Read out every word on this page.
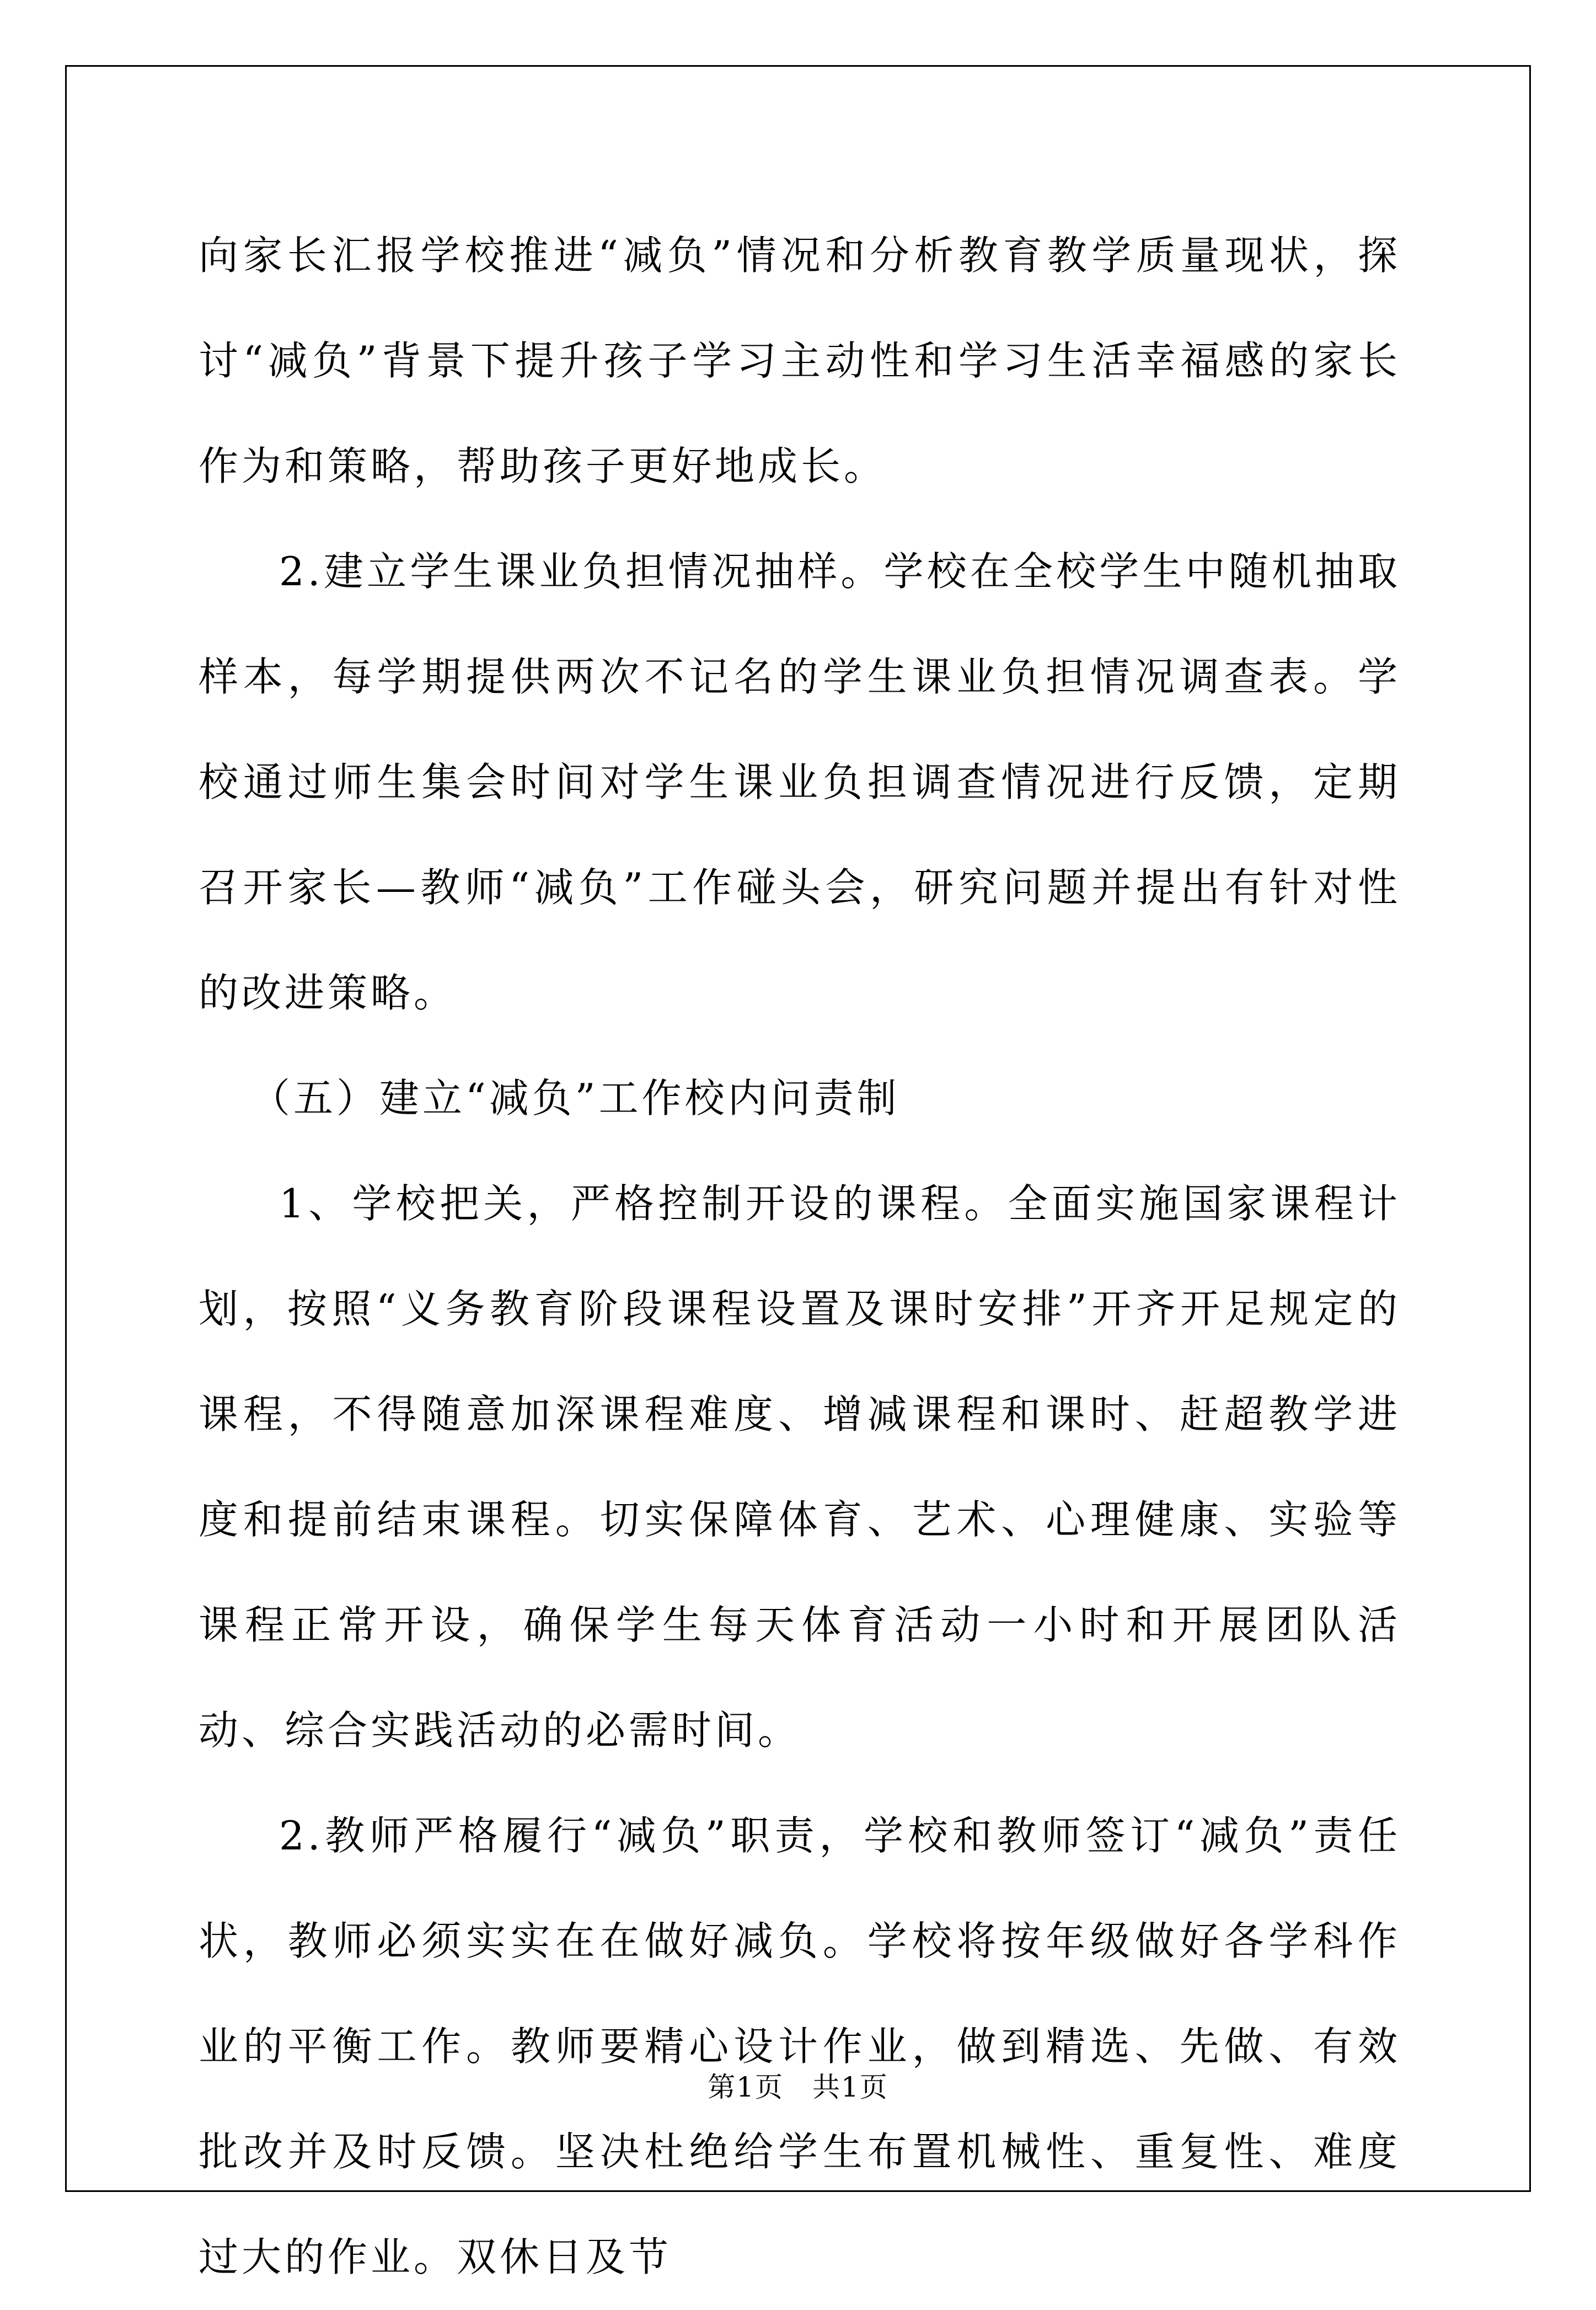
向家长汇报学校推进“减负”情况和分析教育教学质量现状，探讨“减负”背景下提升孩子学习主动性和学习生活幸福感的家长作为和策略，帮助孩子更好地成长。

2.建立学生课业负担情况抽样。学校在全校学生中随机抽取样本，每学期提供两次不记名的学生课业负担情况调查表。学校通过师生集会时间对学生课业负担调查情况进行反馈，定期召开家长—教师“减负”工作碰头会，研究问题并提出有针对性的改进策略。

（五）建立“减负”工作校内问责制

1、学校把关，严格控制开设的课程。全面实施国家课程计划，按照“义务教育阶段课程设置及课时安排”开齐开足规定的课程，不得随意加深课程难度、增减课程和课时、赶超教学进度和提前结束课程。切实保障体育、艺术、心理健康、实验等课程正常开设，确保学生每天体育活动一小时和开展团队活动、综合实践活动的必需时间。

2.教师严格履行“减负”职责，学校和教师签订“减负”责任状，教师必须实实在在做好减负。学校将按年级做好各学科作业的平衡工作。教师要精心设计作业，做到精选、先做、有效批改并及时反馈。坚决杜绝给学生布置机械性、重复性、难度过大的作业。双休日及节

第1页　共1页
